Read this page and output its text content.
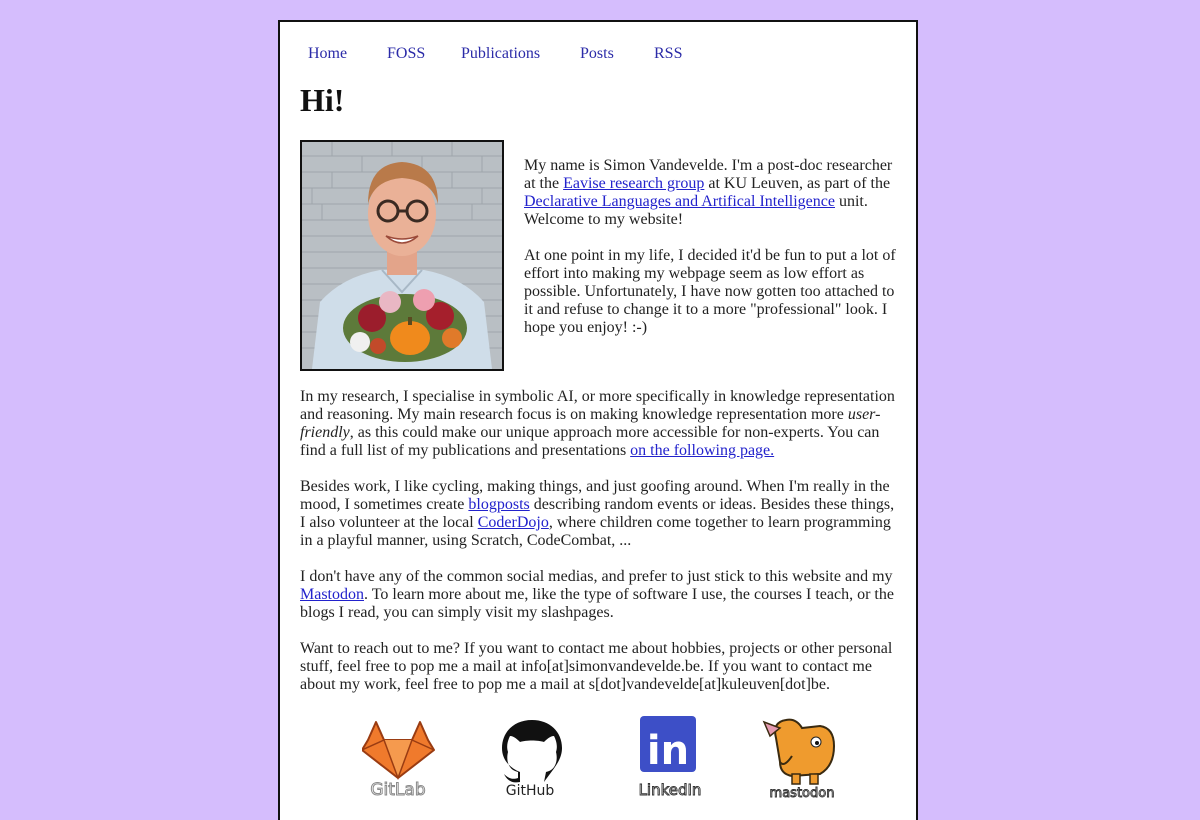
Home FOSS Publications Posts	RSS
Hi!

My name is Simon Vandevelde. I'm a post-doc researcher at the Eavise research group at KU Leuven, as part of the Declarative Languages and Artifical Intelligence unit. Welcome to my website!

At one point in my life, I decided it'd be fun to put a lot of effort into making my webpage seem as low effort as possible. Unfortunately, I have now gotten too attached to it and refuse to change it to a more "professional" look. I hope you enjoy! :-)

In my research, I specialise in symbolic AI, or more specifically in knowledge representation and reasoning. My main research focus is on making knowledge representation more user-friendly, as this could make our unique approach more accessible for non-experts. You can find a full list of my publications and presentations on the following page.

Besides work, I like cycling, making things, and just goofing around. When I'm really in the mood, I sometimes create blogposts describing random events or ideas. Besides these things, I also volunteer at the local CoderDojo, where children come together to learn programming in a playful manner, using Scratch, CodeCombat, ...

I don't have any of the common social medias, and prefer to just stick to this website and my Mastodon. To learn more about me, like the type of software I use, the courses I teach, or the blogs I read, you can simply visit my slashpages.

Want to reach out to me? If you want to contact me about hobbies, projects or other personal stuff, feel free to pop me a mail at info[at]simonvandevelde.be. If you want to contact me about my work, feel free to pop me a mail at s[dot]vandevelde[at]kuleuven[dot]be.

GitLab	GitHub
in
LinkedIn	mastodon
